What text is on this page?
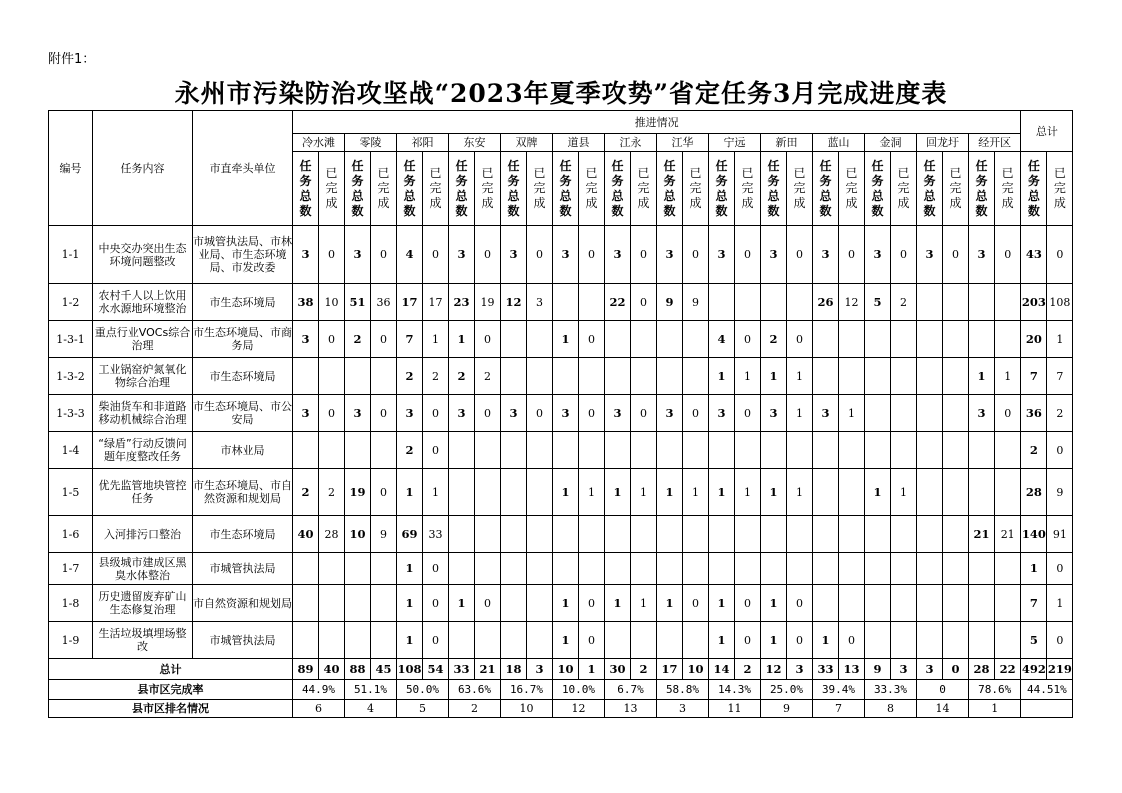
附件1：
永州市污染防治攻坚战“2023年夏季攻势”省定任务3月完成进度表
编号	任务内容	市直牵头单位	推进情况																												总计	
			冷水滩		零陵		祁阳		东安		双牌		道县		江永		江华		宁远		新田		蓝山		金洞		回龙圩		经开区			

			任务总数	已完成	任务总数	已完成	任务总数	已完成	任务总数	已完成	任务总数	已完成	任务总数	已完成	任务总数	已完成	任务总数	已完成	任务总数	已完成	任务总数	已完成	任务总数	已完成	任务总数	已完成	任务总数	已完成	任务总数	已完成	任务总数	已完成

1-1	中央交办突出生态环境问题整改	市城管执法局、市林业局、市生态环境局、市发改委	3	0	3	0	4	0	3	0	3	0	3	0	3	0	3	0	3	0	3	0	3	0	3	0	3	0	3	0	43	0
1-2	农村千人以上饮用水水源地环境整治	市生态环境局	38	10	51	36	17	17	23	19	12	3			22	0	9	9					26	12	5	2					203	108
1-3-1	重点行业VOCs综合治理	市生态环境局、市商务局	3	0	2	0	7	1	1	0			1	0					4	0	2	0									20	1
1-3-2	工业锅窑炉氮氧化物综合治理	市生态环境局					2	2	2	2									1	1	1	1							1	1	7	7
1-3-3	柴油货车和非道路移动机械综合治理	市生态环境局、市公安局	3	0	3	0	3	0	3	0	3	0	3	0	3	0	3	0	3	0	3	1	3	1					3	0	36	2
1-4	“绿盾”行动反馈问题年度整改任务	市林业局					2	0																							2	0
1-5	优先监管地块管控任务	市生态环境局、市自然资源和规划局	2	2	19	0	1	1					1	1	1	1	1	1	1	1	1	1			1	1					28	9
1-6	入河排污口整治	市生态环境局	40	28	10	9	69	33																					21	21	140	91
1-7	县级城市建成区黑臭水体整治	市城管执法局					1	0																							1	0
1-8	历史遗留废弃矿山生态修复治理	市自然资源和规划局					1	0	1	0			1	0	1	1	1	0	1	0	1	0									7	1
1-9	生活垃圾填埋场整改	市城管执法局					1	0					1	0					1	0	1	0	1	0							5	0
总计			89	40	88	45	108	54	33	21	18	3	10	1	30	2	17	10	14	2	12	3	33	13	9	3	3	0	28	22	492	219
县市区完成率			44.9%		51.1%		50.0%		63.6%		16.7%		10.0%		6.7%		58.8%		14.3%		25.0%		39.4%		33.3%		0		78.6%		44.51%	
县市区排名情况			6		4		5		2		10		12		13		3		11		9		7		8		14		1			
